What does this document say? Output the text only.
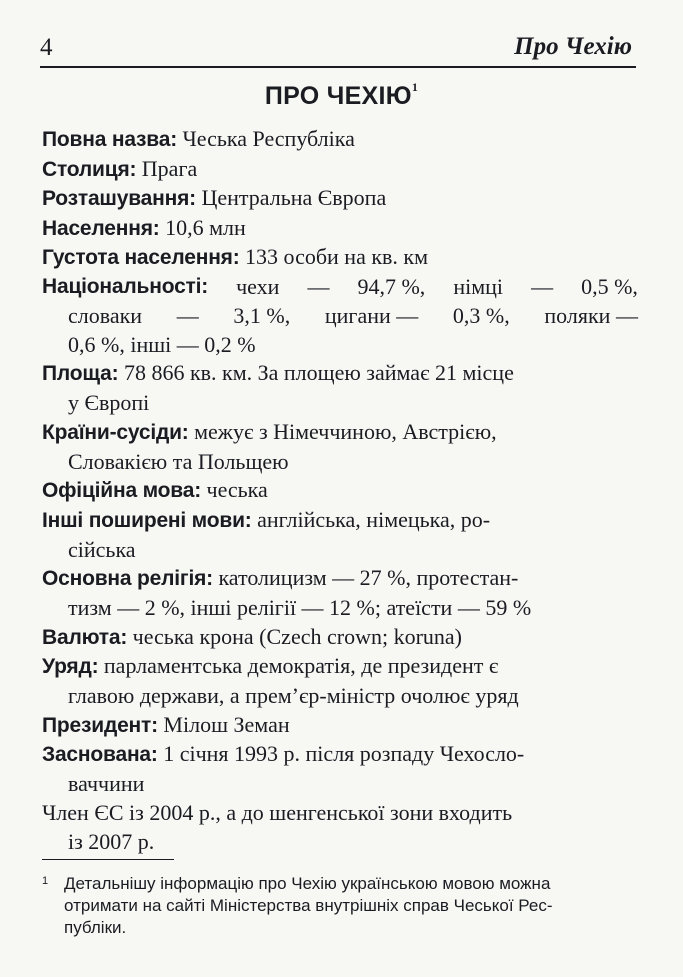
4	Про Чехію
ПРО ЧЕХІЮ$^1$
Повна назва: Чеська Республіка
Столиця: Прага
Розташування: Центральна Європа
Населення: 10,6 млн
Густота населення: 133 особи на кв. км
Національності: чехи — 94,7 %, німці — 0,5 %,
словаки — 3,1 %, цигани — 0,3 %, поляки —
0,6 %, інші — 0,2 %
Площа: 78 866 кв. км. За площею займає 21 місце
у Європі
Країни-сусіди: межує з Німеччиною, Австрією,
Словакією та Польщею
Офіційна мова: чеська
Інші поширені мови: англійська, німецька, ро-
сійська
Основна релігія: католицизм — 27 %, протестан-
тизм — 2 %, інші релігії — 12 %; атеїсти — 59 %
Валюта: чеська крона (Czech crown; koruna)
Уряд: парламентська демократія, де президент є
главою держави, а прем’єр-міністр очолює уряд
Президент: Мілош Земан
Заснована: 1 січня 1993 р. після розпаду Чехосло-
ваччини
Член ЄС із 2004 р., а до шенгенської зони входить
із 2007 р.
1 Детальнішу інформацію про Чехію українською мовою можна
отримати на сайті Міністерства внутрішніх справ Чеської Рес-
публіки.
